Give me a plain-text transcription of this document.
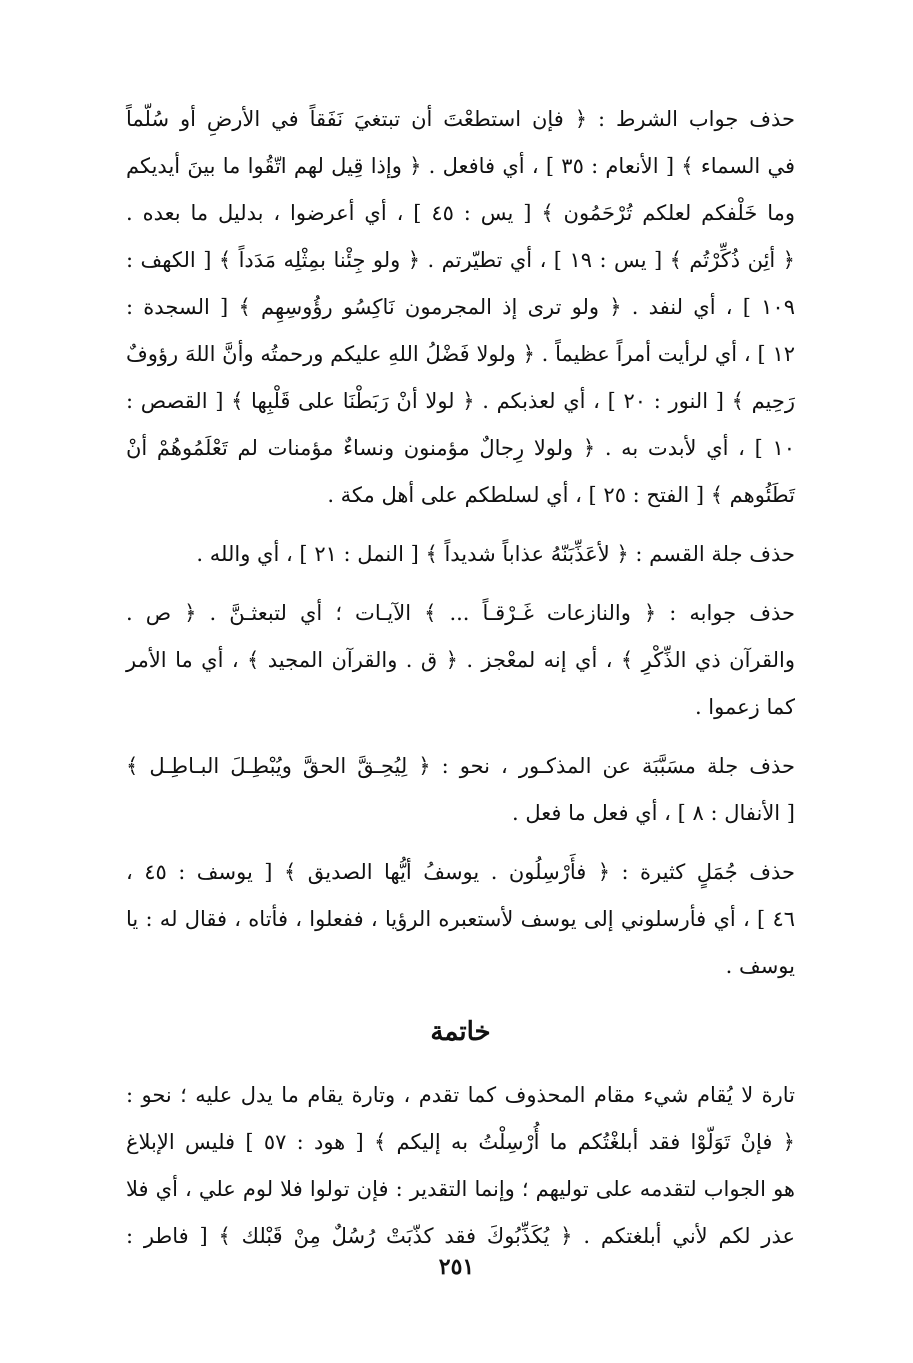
حذف جواب الشرط : ﴿ فإن استطعْتَ أن تبتغيَ نَفَقاً في الأرضِ أو سُلّماً
في السماء ﴾ [ الأنعام : ٣٥ ] ، أي فافعل . ﴿ وإذا قِيل لهم اتّقُوا ما بينَ أيديكم
وما خَلْفكم لعلكم تُرْحَمُون ﴾ [ يس : ٤٥ ] ، أي أعرضوا ، بدليل ما بعده .
﴿ أئِن ذُكِّرْتُم ﴾ [ يس : ١٩ ] ، أي تطيّرتم . ﴿ ولو جِئْنا بمِثْلِه مَدَداً ﴾ [ الكهف :
١٠٩ ] ، أي لنفد . ﴿ ولو ترى إذ المجرمون نَاكِسُو رؤُوسِهِم ﴾ [ السجدة :
١٢ ] ، أي لرأيت أمراً عظيماً . ﴿ ولولا فَضْلُ اللهِ عليكم ورحمتُه وأنَّ اللهَ رؤوفٌ
رَحِيم ﴾ [ النور : ٢٠ ] ، أي لعذبكم . ﴿ لولا أنْ رَبَطْنَا على قَلْبِها ﴾ [ القصص :
١٠ ] ، أي لأبدت به . ﴿ ولولا رِجالٌ مؤمنون ونساءٌ مؤمنات لم تَعْلَمُوهُمْ أنْ
تَطَئُوهم ﴾ [ الفتح : ٢٥ ] ، أي لسلطكم على أهل مكة .

حذف جلة القسم : ﴿ لأعَذِّبَنّهُ عذاباً شديداً ﴾ [ النمل : ٢١ ] ، أي والله .

حذف جوابه : ﴿ والنازعات غَـرْقـاً ... ﴾ الآيـات ؛ أي لتبعثـنَّ . ﴿ ص .
والقرآن ذي الذِّكْرِ ﴾ ، أي إنه لمعْجز . ﴿ ق . والقرآن المجيد ﴾ ، أي ما الأمر
كما زعموا .

حذف جلة مسَبَّبَة عن المذكـور ، نحو : ﴿ لِيُحِـقَّ الحقَّ ويُبْطِـلَ البـاطِـل ﴾
[ الأنفال : ٨ ] ، أي فعل ما فعل .

حذف جُمَلٍ كثيرة : ﴿ فأَرْسِلُون . يوسفُ أيُّها الصديق ﴾ [ يوسف : ٤٥ ،
٤٦ ] ، أي فأرسلوني إلى يوسف لأستعبره الرؤيا ، ففعلوا ، فأتاه ، فقال له : يا
يوسف .

خاتمة

تارة لا يُقام شيء مقام المحذوف كما تقدم ، وتارة يقام ما يدل عليه ؛ نحو :
﴿ فإنْ تَوَلّوْا فقد أبلغْتُكم ما أُرْسِلْتُ به إليكم ﴾ [ هود : ٥٧ ] فليس الإبلاغ
هو الجواب لتقدمه على توليهم ؛ وإنما التقدير : فإن تولوا فلا لوم علي ، أي فلا
عذر لكم لأني أبلغتكم . ﴿ يُكَذِّبُوكَ فقد كذّبَتْ رُسُلٌ مِنْ قَبْلك ﴾ [ فاطر :

٢٥١
